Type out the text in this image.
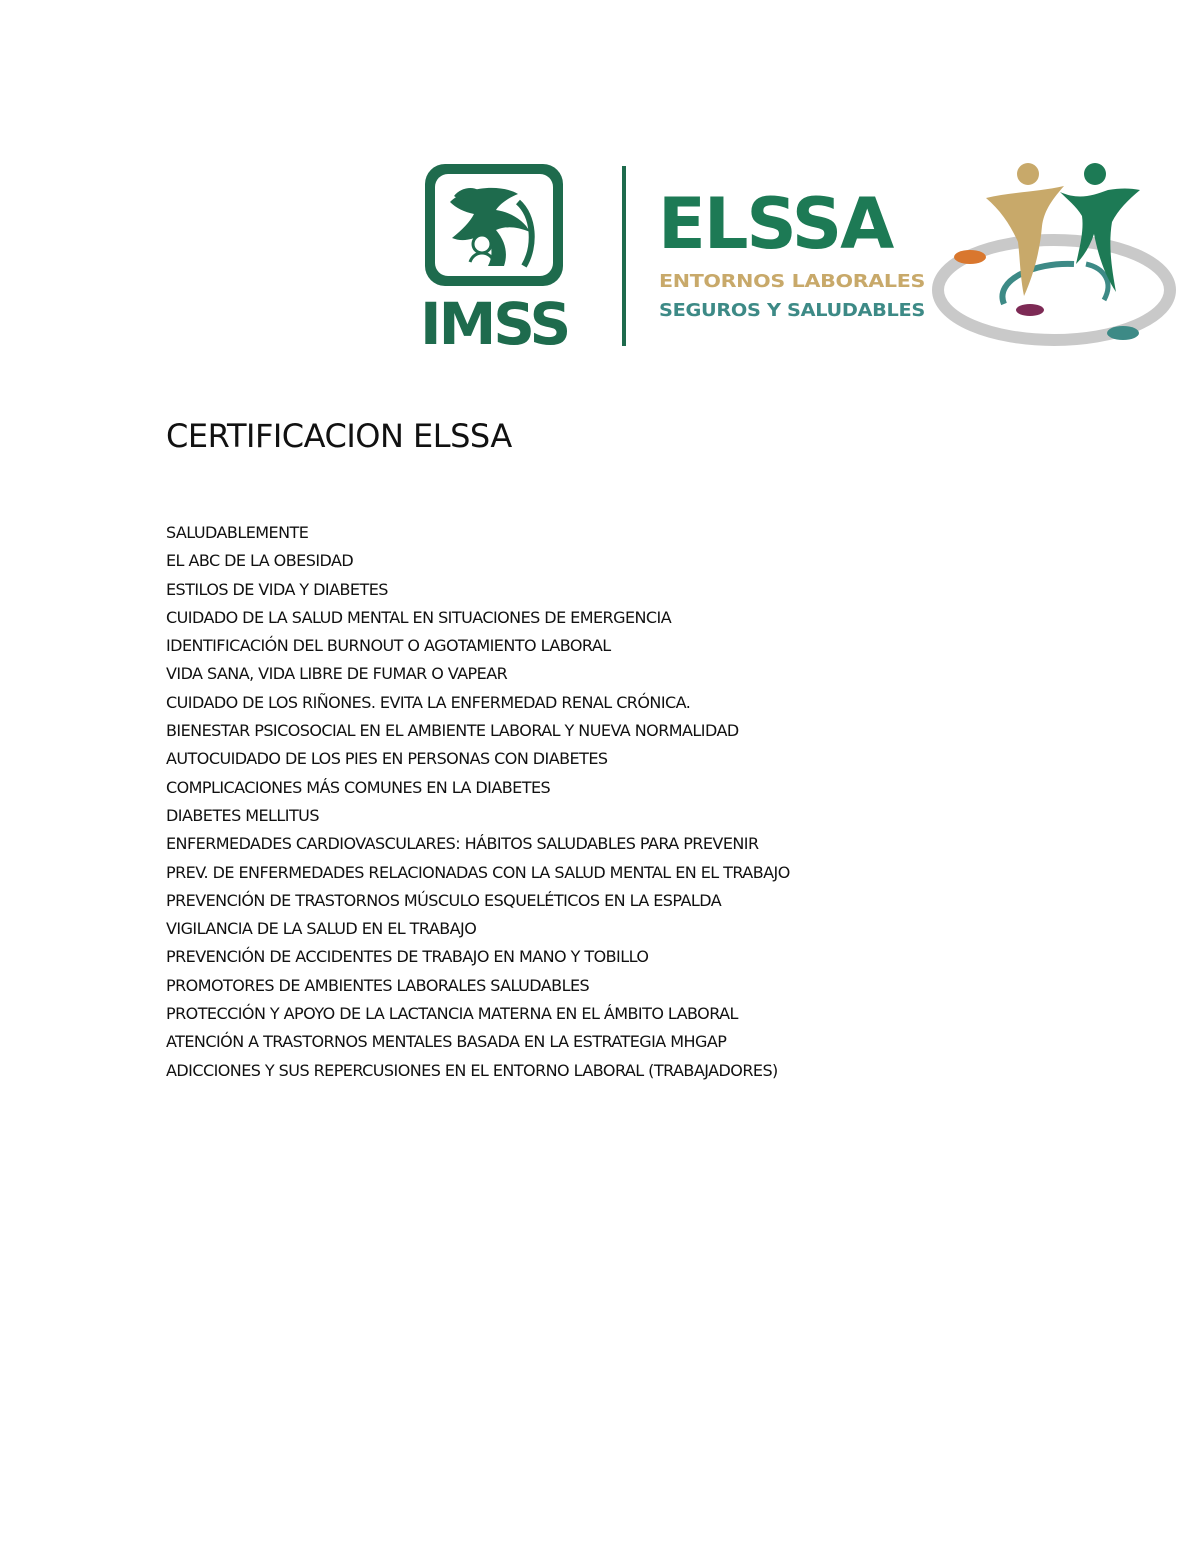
IMSS
ELSSA
ENTORNOS LABORALES
SEGUROS Y SALUDABLES
CERTIFICACION ELSSA
SALUDABLEMENTE
EL ABC DE LA OBESIDAD
ESTILOS DE VIDA Y DIABETES
CUIDADO DE LA SALUD MENTAL EN SITUACIONES DE EMERGENCIA
IDENTIFICACIÓN DEL BURNOUT O AGOTAMIENTO LABORAL
VIDA SANA, VIDA LIBRE DE FUMAR O VAPEAR
CUIDADO DE LOS RIÑONES. EVITA LA ENFERMEDAD RENAL CRÓNICA.
BIENESTAR PSICOSOCIAL EN EL AMBIENTE LABORAL Y NUEVA NORMALIDAD
AUTOCUIDADO DE LOS PIES EN PERSONAS CON DIABETES
COMPLICACIONES MÁS COMUNES EN LA DIABETES
DIABETES MELLITUS
ENFERMEDADES CARDIOVASCULARES: HÁBITOS SALUDABLES PARA PREVENIR
PREV. DE ENFERMEDADES RELACIONADAS CON LA SALUD MENTAL EN EL TRABAJO
PREVENCIÓN DE TRASTORNOS MÚSCULO ESQUELÉTICOS EN LA ESPALDA
VIGILANCIA DE LA SALUD EN EL TRABAJO
PREVENCIÓN DE ACCIDENTES DE TRABAJO EN MANO Y TOBILLO
PROMOTORES DE AMBIENTES LABORALES SALUDABLES
PROTECCIÓN Y APOYO DE LA LACTANCIA MATERNA EN EL ÁMBITO LABORAL
ATENCIÓN A TRASTORNOS MENTALES BASADA EN LA ESTRATEGIA MHGAP
ADICCIONES Y SUS REPERCUSIONES EN EL ENTORNO LABORAL (TRABAJADORES)
